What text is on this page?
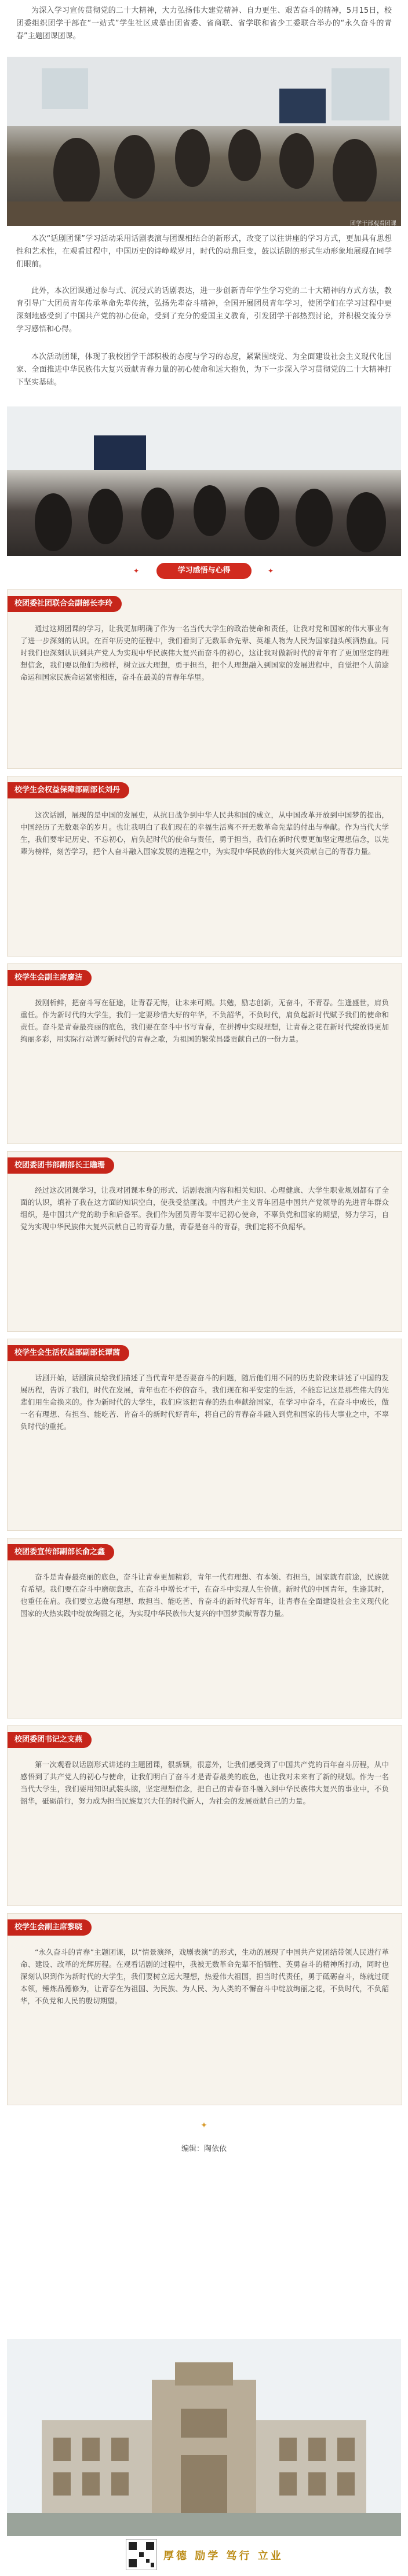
为深入学习宣传贯彻党的二十大精神，大力弘扬伟大建党精神、自力更生、艰苦奋斗的精神，5月15日，校团委组织团学干部在“一站式”学生社区成慕由团省委、省商联、省学联和省少工委联合举办的“永久奋斗的青春”主题团课团课。

团学干部观看团课

本次“话剧团课”学习活动采用话剧表演与团课相结合的新形式，改变了以往讲座的学习方式，更加具有思想性和艺术性，在观看过程中，中国历史的诗峥嵘岁月，时代的动鼎巨变，鼓以话剧的形式生动形象地展现在同学们眼前。

此外，本次团课通过参与式、沉浸式的话剧表达，进一步创新青年学生学习党的二十大精神的方式方法，教育引导广大团员青年传承革命先辈传统，弘扬先辈奋斗精神，全国开展团员青年学习，使团学们在学习过程中更深刻地感受到了中国共产党的初心使命，受到了充分的爱国主义教育，引发团学干部热烈讨论，并积极交流分享学习感悟和心得。

本次活动团课，体现了我校团学干部积极的态度与学习的态度，紧紧围绕党、为全面建设社会主义现代化国家、全面推进中华民族伟大复兴贡献青春力量的初心使命和远大抱负，为下一步深入学习贯彻党的二十大精神打下坚实基础。

✦	学习感悟与心得	✦
校团委社团联合会副部长李玲

通过这期团课的学习，让我更加明确了作为一名当代大学生的政治使命和责任，让我对党和国家的伟大事业有了进一步深刻的认识。在百年历史的征程中，我们看到了无数革命先辈、英雄人物为人民为国家抛头颅洒热血。同时我们也深刻认识到共产党人为实现中华民族伟大复兴而奋斗的初心，这让我对做新时代的青年有了更加坚定的理想信念，我们要以他们为榜样，树立远大理想，勇于担当，把个人理想融入到国家的发展进程中，自觉把个人前途命运和国家民族命运紧密相连，奋斗在最美的青春年华里。

校学生会权益保障部副部长刘丹

这次话剧，展现的是中国的发展史，从抗日战争到中华人民共和国的成立，从中国改革开放到中国梦的提出，中国经历了无数艰辛的岁月。也让我明白了我们现在的幸福生活离不开无数革命先辈的付出与奉献。作为当代大学生，我们要牢记历史、不忘初心，肩负起时代的使命与责任，勇于担当，我们在新时代要更加坚定理想信念，以先辈为榜样，刻苦学习，把个人奋斗融入国家发展的进程之中，为实现中华民族的伟大复兴贡献自己的青春力量。

校学生会副主席廖洁

拨刚析鲜，把奋斗写在征途，让青春无悔，让未来可期。共勉，励志创新，无奋斗，不青春。生逢盛世，肩负重任。作为新时代的大学生，我们一定要珍惜大好的年华，不负韶华，不负时代，肩负起新时代赋予我们的使命和责任。奋斗是青春最亮丽的底色，我们要在奋斗中书写青春，在拼搏中实现理想，让青春之花在新时代绽放得更加绚丽多彩，用实际行动谱写新时代的青春之歌，为祖国的繁荣昌盛贡献自己的一份力量。

校团委团书部副部长王瞻珊

经过这次团课学习，让我对团课本身的形式、话剧表演内容和相关知识、心理健康、大学生职业规划都有了全面的认识，填补了我在这方面的知识空白，使我受益匪浅。中国共产主义青年团是中国共产党领导的先进青年群众组织，是中国共产党的助手和后备军。我们作为团员青年要牢记初心使命，不辜负党和国家的期望，努力学习，自觉为实现中华民族伟大复兴贡献自己的青春力量，青春是奋斗的青春，我们定将不负韶华。

校学生会生活权益部副部长谭茜

话剧开始，话剧演员给我们描述了当代青年是否要奋斗的问题，随后他们用不同的历史阶段来讲述了中国的发展历程，告诉了我们，时代在发展，青年也在不停的奋斗，我们现在和平安定的生活，不能忘记这是那些伟大的先辈们用生命换来的。作为新时代的大学生，我们应该把青春的热血奉献给国家，在学习中奋斗，在奋斗中成长，做一名有理想、有担当、能吃苦、肯奋斗的新时代好青年，将自己的青春奋斗融入到党和国家的伟大事业之中，不辜负时代的重托。

校团委宣传部副部长俞之鑫

奋斗是青春最亮丽的底色，奋斗让青春更加精彩，青年一代有理想、有本领、有担当，国家就有前途，民族就有希望。我们要在奋斗中磨砺意志，在奋斗中增长才干，在奋斗中实现人生价值。新时代的中国青年，生逢其时，也重任在肩。我们要立志做有理想、敢担当、能吃苦、肯奋斗的新时代好青年，让青春在全面建设社会主义现代化国家的火热实践中绽放绚丽之花，为实现中华民族伟大复兴的中国梦贡献青春力量。

校团委团书记之支燕

第一次观看以话剧形式讲述的主题团课，很新颖，很意外，让我们感受到了中国共产党的百年奋斗历程，从中感悟到了共产党人的初心与使命，让我们明白了奋斗才是青春最美的底色，也让我对未来有了新的规划。作为一名当代大学生，我们要用知识武装头脑，坚定理想信念，把自己的青春奋斗融入到中华民族伟大复兴的事业中，不负韶华，砥砺前行，努力成为担当民族复兴大任的时代新人，为社会的发展贡献自己的力量。

校学生会副主席黎晓

“永久奋斗的青春”主题团课，以“情景演绎，戏剧表演”的形式，生动的展现了中国共产党团结带领人民进行革命、建设、改革的光辉历程。在观看话剧的过程中，我被无数革命先辈不怕牺牲、英勇奋斗的精神所打动，同时也深刻认识到作为新时代的大学生，我们要树立远大理想，热爱伟大祖国，担当时代责任，勇于砥砺奋斗，练就过硬本领，锤炼品德修为，让青春在为祖国、为民族、为人民、为人类的不懈奋斗中绽放绚丽之花，不负时代，不负韶华，不负党和人民的殷切期望。

✦
编辑：陶依依
厚德 励学 笃行 立业
